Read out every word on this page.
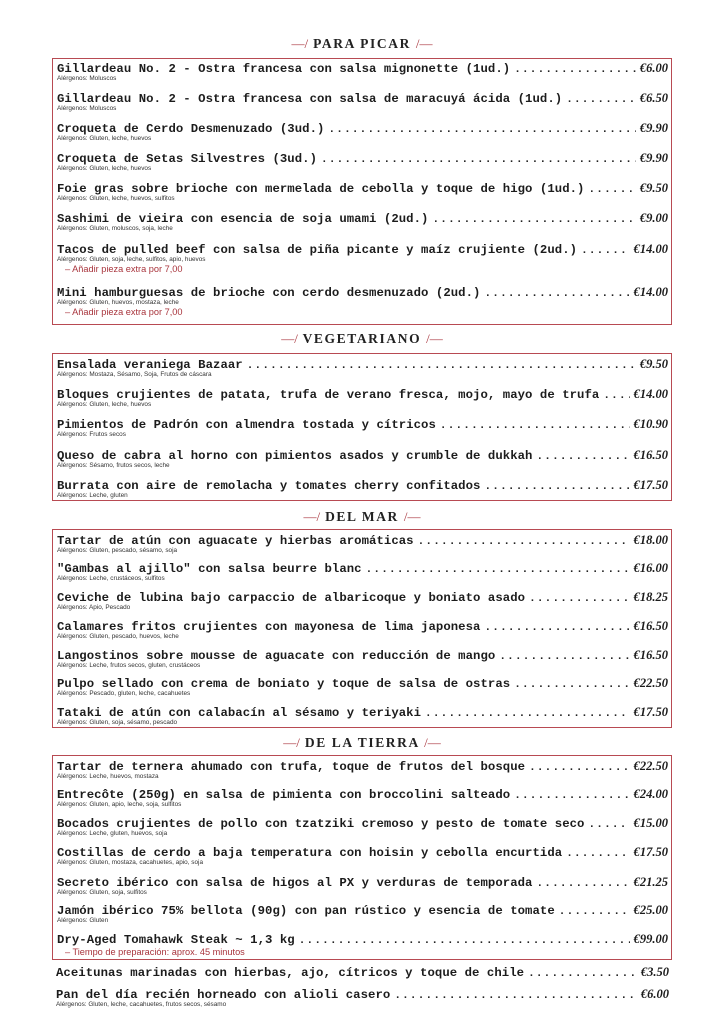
—/ PARA PICAR /—
Gillardeau No. 2 - Ostra francesa con salsa mignonette (1ud.) .....	€6.00
Alérgenos: Moluscos
Gillardeau No. 2 - Ostra francesa con salsa de maracuyá ácida (1ud.) .....	€6.50
Alérgenos: Moluscos
Croqueta de Cerdo Desmenuzado (3ud.) .....	€9.90
Alérgenos: Gluten, leche, huevos
Croqueta de Setas Silvestres (3ud.) .....	€9.90
Alérgenos: Gluten, leche, huevos
Foie gras sobre brioche con mermelada de cebolla y toque de higo (1ud.) .....	€9.50
Alérgenos: Gluten, leche, huevos, sulfitos
Sashimi de vieira con esencia de soja umami (2ud.) .....	€9.00
Alérgenos: Gluten, moluscos, soja, leche
Tacos de pulled beef con salsa de piña picante y maíz crujiente (2ud.) .....	€14.00
Alérgenos: Gluten, soja, leche, sulfitos, apio, huevos
– Añadir pieza extra por 7,00
Mini hamburguesas de brioche con cerdo desmenuzado (2ud.) .....	€14.00
Alérgenos: Gluten, huevos, mostaza, leche
– Añadir pieza extra por 7,00
—/ VEGETARIANO /—
Ensalada veraniega Bazaar .....	€9.50
Alérgenos: Mostaza, Sésamo, Soja, Frutos de cáscara
Bloques crujientes de patata, trufa de verano fresca, mojo, mayo de trufa .....	€14.00
Alérgenos: Gluten, leche, huevos
Pimientos de Padrón con almendra tostada y cítricos .....	€10.90
Alérgenos: Frutos secos
Queso de cabra al horno con pimientos asados y crumble de dukkah .....	€16.50
Alérgenos: Sésamo, frutos secos, leche
Burrata con aire de remolacha y tomates cherry confitados .....	€17.50
Alérgenos: Leche, gluten
—/ DEL MAR /—
Tartar de atún con aguacate y hierbas aromáticas .....	€18.00
Alérgenos: Gluten, pescado, sésamo, soja
"Gambas al ajillo" con salsa beurre blanc .....	€16.00
Alérgenos: Leche, crustáceos, sulfitos
Ceviche de lubina bajo carpaccio de albaricoque y boniato asado .....	€18.25
Alérgenos: Apio, Pescado
Calamares fritos crujientes con mayonesa de lima japonesa .....	€16.50
Alérgenos: Gluten, pescado, huevos, leche
Langostinos sobre mousse de aguacate con reducción de mango .....	€16.50
Alérgenos: Leche, frutos secos, gluten, crustáceos
Pulpo sellado con crema de boniato y toque de salsa de ostras .....	€22.50
Alérgenos: Pescado, gluten, leche, cacahuetes
Tataki de atún con calabacín al sésamo y teriyaki .....	€17.50
Alérgenos: Gluten, soja, sésamo, pescado
—/ DE LA TIERRA /—
Tartar de ternera ahumado con trufa, toque de frutos del bosque .....	€22.50
Alérgenos: Leche, huevos, mostaza
Entrecôte (250g) en salsa de pimienta con broccolini salteado .....	€24.00
Alérgenos: Gluten, apio, leche, soja, sulfitos
Bocados crujientes de pollo con tzatziki cremoso y pesto de tomate seco .....	€15.00
Alérgenos: Leche, gluten, huevos, soja
Costillas de cerdo a baja temperatura con hoisin y cebolla encurtida .....	€17.50
Alérgenos: Gluten, mostaza, cacahuetes, apio, soja
Secreto ibérico con salsa de higos al PX y verduras de temporada .....	€21.25
Alérgenos: Gluten, soja, sulfitos
Jamón ibérico 75% bellota (90g) con pan rústico y esencia de tomate .....	€25.00
Alérgenos: Gluten
Dry-Aged Tomahawk Steak ~ 1,3 kg .....	€99.00
– Tiempo de preparación: aprox. 45 minutos
Aceitunas marinadas con hierbas, ajo, cítricos y toque de chile .....	€3.50
Pan del día recién horneado con alioli casero .....	€6.00
Alérgenos: Gluten, leche, cacahuetes, frutos secos, sésamo
